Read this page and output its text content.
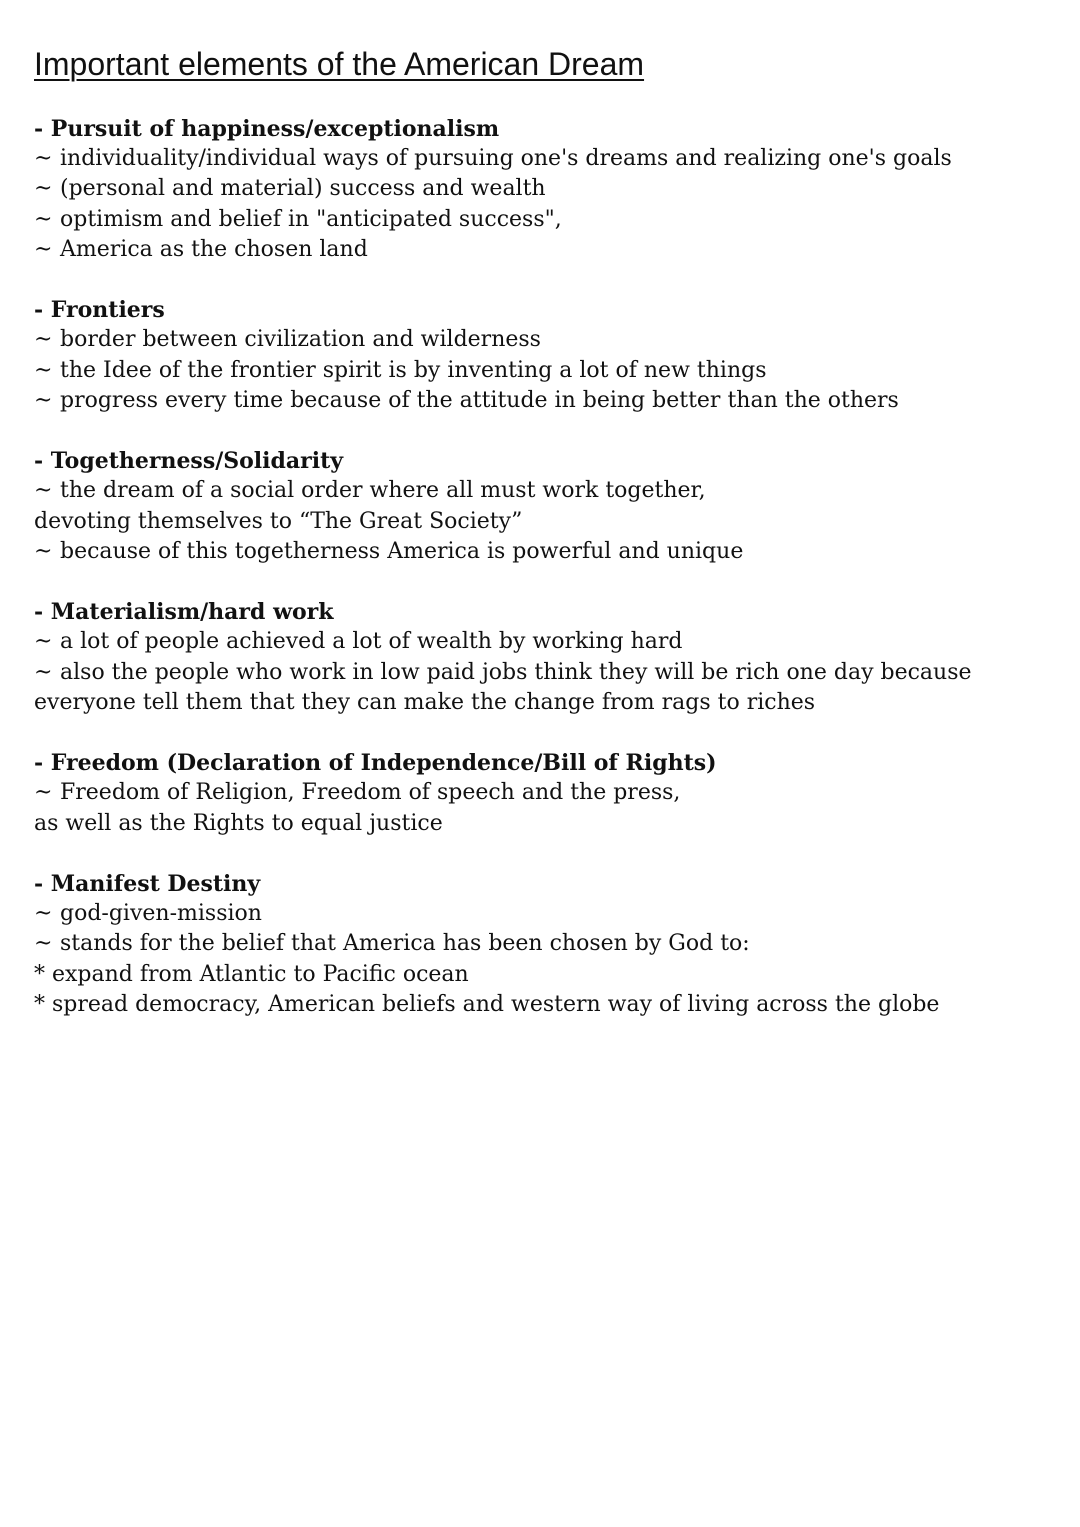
Important elements of the American Dream
- Pursuit of happiness/exceptionalism
~ individuality/individual ways of pursuing one's dreams and realizing one's goals
~ (personal and material) success and wealth
~ optimism and belief in "anticipated success",
~ America as the chosen land
- Frontiers
~ border between civilization and wilderness
~ the Idee of the frontier spirit is by inventing a lot of new things
~ progress every time because of the attitude in being better than the others
- Togetherness/Solidarity
~ the dream of a social order where all must work together,
devoting themselves to “The Great Society”
~ because of this togetherness America is powerful and unique
- Materialism/hard work
~ a lot of people achieved a lot of wealth by working hard
~ also the people who work in low paid jobs think they will be rich one day because
everyone tell them that they can make the change from rags to riches
- Freedom (Declaration of Independence/Bill of Rights)
~ Freedom of Religion, Freedom of speech and the press,
as well as the Rights to equal justice
- Manifest Destiny
~ god-given-mission
~ stands for the belief that America has been chosen by God to:
* expand from Atlantic to Pacific ocean
* spread democracy, American beliefs and western way of living across the globe
